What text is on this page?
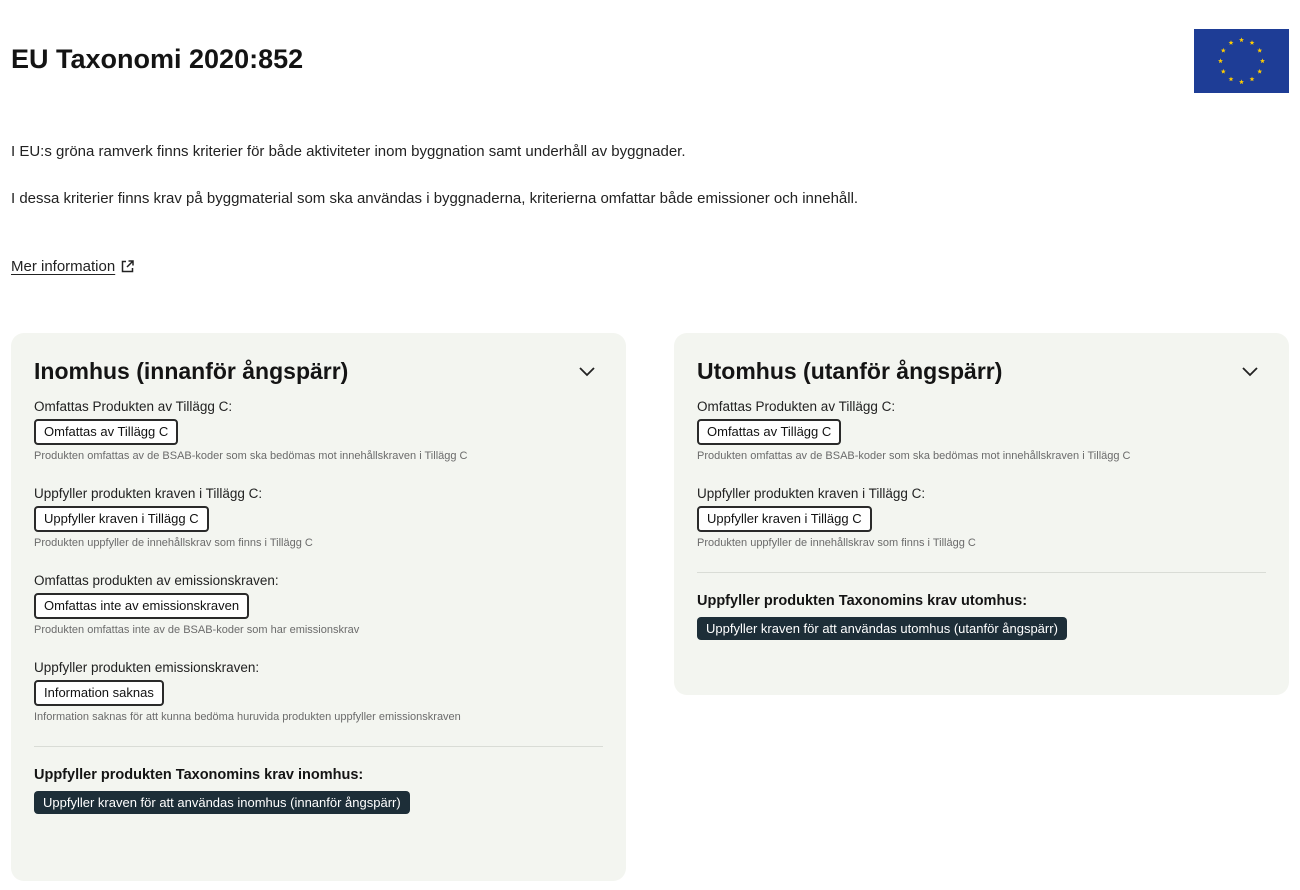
EU Taxonomi 2020:852

I EU:s gröna ramverk finns kriterier för både aktiviteter inom byggnation samt underhåll av byggnader.

I dessa kriterier finns krav på byggmaterial som ska användas i byggnaderna, kriterierna omfattar både emissioner och innehåll.

Mer information
Inomhus (innanför ångspärr)
Omfattas Produkten av Tillägg C:
Omfattas av Tillägg C
Produkten omfattas av de BSAB-koder som ska bedömas mot innehållskraven i Tillägg C
Uppfyller produkten kraven i Tillägg C:
Uppfyller kraven i Tillägg C
Produkten uppfyller de innehållskrav som finns i Tillägg C
Omfattas produkten av emissionskraven:
Omfattas inte av emissionskraven
Produkten omfattas inte av de BSAB-koder som har emissionskrav
Uppfyller produkten emissionskraven:
Information saknas
Information saknas för att kunna bedöma huruvida produkten uppfyller emissionskraven
Uppfyller produkten Taxonomins krav inomhus:
Uppfyller kraven för att användas inomhus (innanför ångspärr)
Utomhus (utanför ångspärr)
Omfattas Produkten av Tillägg C:
Omfattas av Tillägg C
Produkten omfattas av de BSAB-koder som ska bedömas mot innehållskraven i Tillägg C
Uppfyller produkten kraven i Tillägg C:
Uppfyller kraven i Tillägg C
Produkten uppfyller de innehållskrav som finns i Tillägg C
Uppfyller produkten Taxonomins krav utomhus:
Uppfyller kraven för att användas utomhus (utanför ångspärr)
